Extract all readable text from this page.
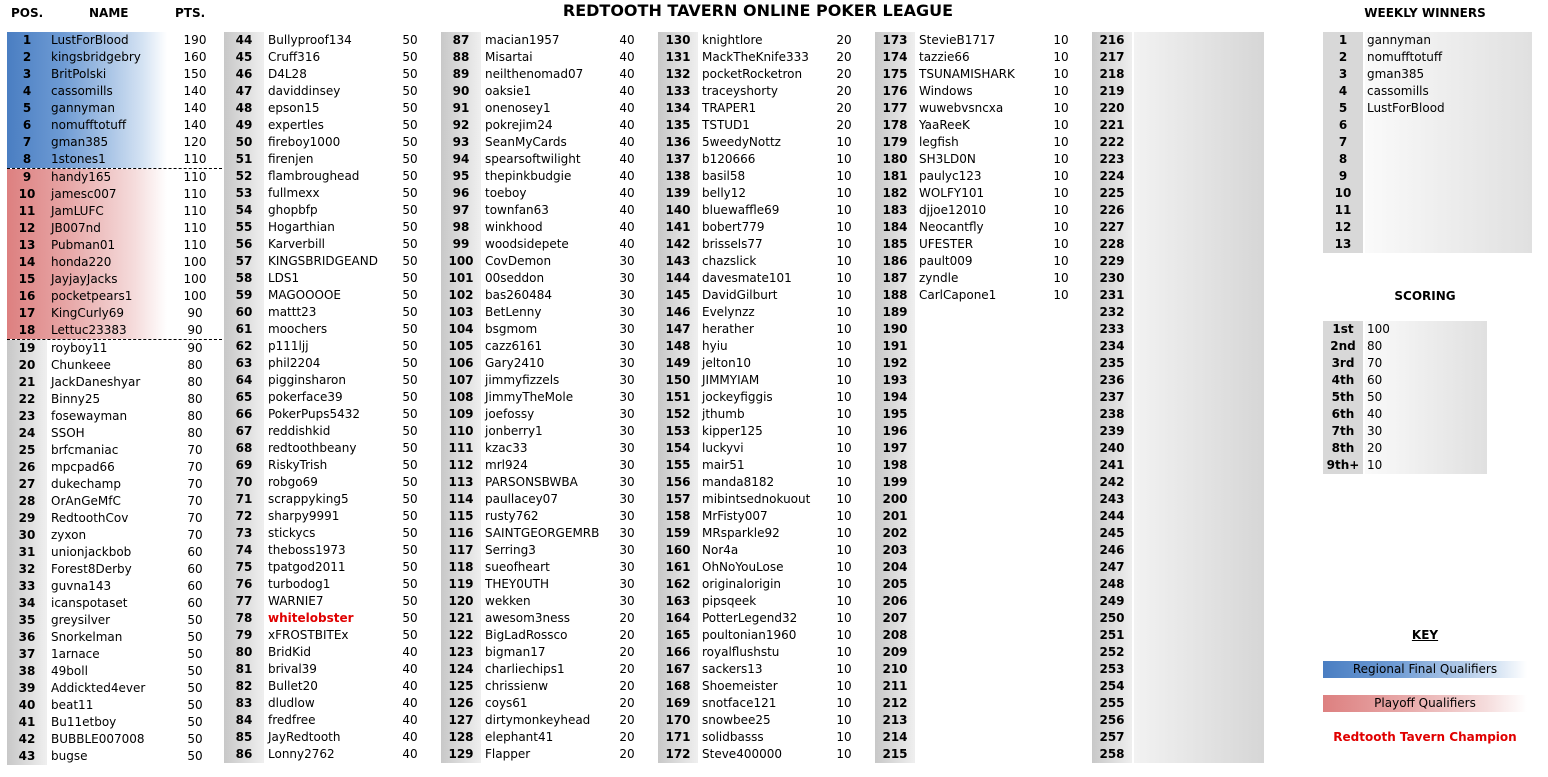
POS.	NAME	PTS.	REDTOOTH TAVERN ONLINE POKER LEAGUE
1	LustForBlood	190
2	kingsbridgebry	160
3	BritPolski	150
4	cassomills	140
5	gannyman	140
6	nomufftotuff	140
7	gman385	120
8	1stones1	110
9	handy165	110
10	jamesc007	110
11	JamLUFC	110
12	JB007nd	110
13	Pubman01	110
14	honda220	100
15	JayjayJacks	100
16	pocketpears1	100
17	KingCurly69	90
18	Lettuc23383	90
19	royboy11	90
20	Chunkeee	80
21	JackDaneshyar	80
22	Binny25	80
23	fosewayman	80
24	SSOH	80
25	brfcmaniac	70
26	mpcpad66	70
27	dukechamp	70
28	OrAnGeMfC	70
29	RedtoothCov	70
30	zyxon	70
31	unionjackbob	60
32	Forest8Derby	60
33	guvna143	60
34	icanspotaset	60
35	greysilver	50
36	Snorkelman	50
37	1arnace	50
38	49boll	50
39	Addickted4ever	50
40	beat11	50
41	Bu11etboy	50
42	BUBBLE007008	50
43	bugse	50
44	Bullyproof134	50
45	Cruff316	50
46	D4L28	50
47	daviddinsey	50
48	epson15	50
49	expertles	50
50	fireboy1000	50
51	firenjen	50
52	flambroughead	50
53	fullmexx	50
54	ghopbfp	50
55	Hogarthian	50
56	Karverbill	50
57	KINGSBRIDGEAND	50
58	LDS1	50
59	MAGOOOOE	50
60	mattt23	50
61	moochers	50
62	p111ljj	50
63	phil2204	50
64	pigginsharon	50
65	pokerface39	50
66	PokerPups5432	50
67	reddishkid	50
68	redtoothbeany	50
69	RiskyTrish	50
70	robgo69	50
71	scrappyking5	50
72	sharpy9991	50
73	stickycs	50
74	theboss1973	50
75	tpatgod2011	50
76	turbodog1	50
77	WARNIE7	50
78	whitelobster	50
79	xFROSTBITEx	50
80	BridKid	40
81	brival39	40
82	Bullet20	40
83	dludlow	40
84	fredfree	40
85	JayRedtooth	40
86	Lonny2762	40
87	macian1957	40
88	Misartai	40
89	neilthenomad07	40
90	oaksie1	40
91	onenosey1	40
92	pokrejim24	40
93	SeanMyCards	40
94	spearsoftwilight	40
95	thepinkbudgie	40
96	toeboy	40
97	townfan63	40
98	winkhood	40
99	woodsidepete	40
100 CovDemon	30
101 00seddon	30
102 bas260484	30
103 BetLenny	30
104 bsgmom	30
105 cazz6161	30
106 Gary2410	30
107 jimmyfizzels	30
108 JimmyTheMole	30
109 joefossy	30
110 jonberry1	30
111 kzac33	30
112 mrl924	30
113 PARSONSBWBA	30
114 paullacey07	30
115 rusty762	30
116 SAINTGEORGEMRB	30
117 Serring3	30
118 sueofheart	30
119 THEY0UTH	30
120 wekken	30
121 awesom3ness	20
122 BigLadRossco	20
123 bigman17	20
124 charliechips1	20
125 chrissienw	20
126 coys61	20
127 dirtymonkeyhead	20
128 elephant41	20
129 Flapper	20
130 knightlore	20
131 MackTheKnife333	20
132 pocketRocketron	20
133 traceyshorty	20
134 TRAPER1	20
135 TSTUD1	20
136 5weedyNottz	10
137 b120666	10
138 basil58	10
139 belly12	10
140 bluewaffle69	10
141 bobert779	10
142 brissels77	10
143 chazslick	10
144 davesmate101	10
145 DavidGilburt	10
146 Evelynzz	10
147 herather	10
148 hyiu	10
149 jelton10	10
150 JIMMYIAM	10
151 jockeyfiggis	10
152 jthumb	10
153 kipper125	10
154 luckyvi	10
155 mair51	10
156 manda8182	10
157 mibintsednokuout	10
158 MrFisty007	10
159 MRsparkle92	10
160 Nor4a	10
161 OhNoYouLose	10
162 originalorigin	10
163 pipsqeek	10
164 PotterLegend32	10
165 poultonian1960	10
166 royalflushstu	10
167 sackers13	10
168 Shoemeister	10
169 snotface121	10
170 snowbee25	10
171 solidbasss	10
172 Steve400000	10
173 StevieB1717	10
174 tazzie66	10
175 TSUNAMISHARK	10
176 Windows	10
177 wuwebvsncxa	10
178 YaaReeK	10
179 legfish	10
180 SH3LD0N	10
181 paulyc123	10
182 WOLFY101	10
183 djjoe12010	10
184 Neocantfly	10
185 UFESTER	10
186 pault009	10
187 zyndle	10
188 CarlCapone1	10
189
190
191
192
193
194
195
196
197
198
199
200
201
202
203
204
205
206
207
208
209
210
211
212
213
214
215
216
217
218
219
220
221
222
223
224
225
226
227
228
229
230
231
232
233
234
235
236
237
238
239
240
241
242
243
244
245
246
247
248
249
250
251
252
253
254
255
256
257
258
WEEKLY WINNERS
1	gannyman
2	nomufftotuff
3	gman385
4	cassomills
5	LustForBlood
6
7
8
9
10
11
12
13
SCORING
1st	100
2nd 80
3rd	70
4th	60
5th	50
6th	40
7th	30
8th	20
9th+ 10
KEY
Regional Final Qualifiers
Playoff Qualifiers
Redtooth Tavern Champion
